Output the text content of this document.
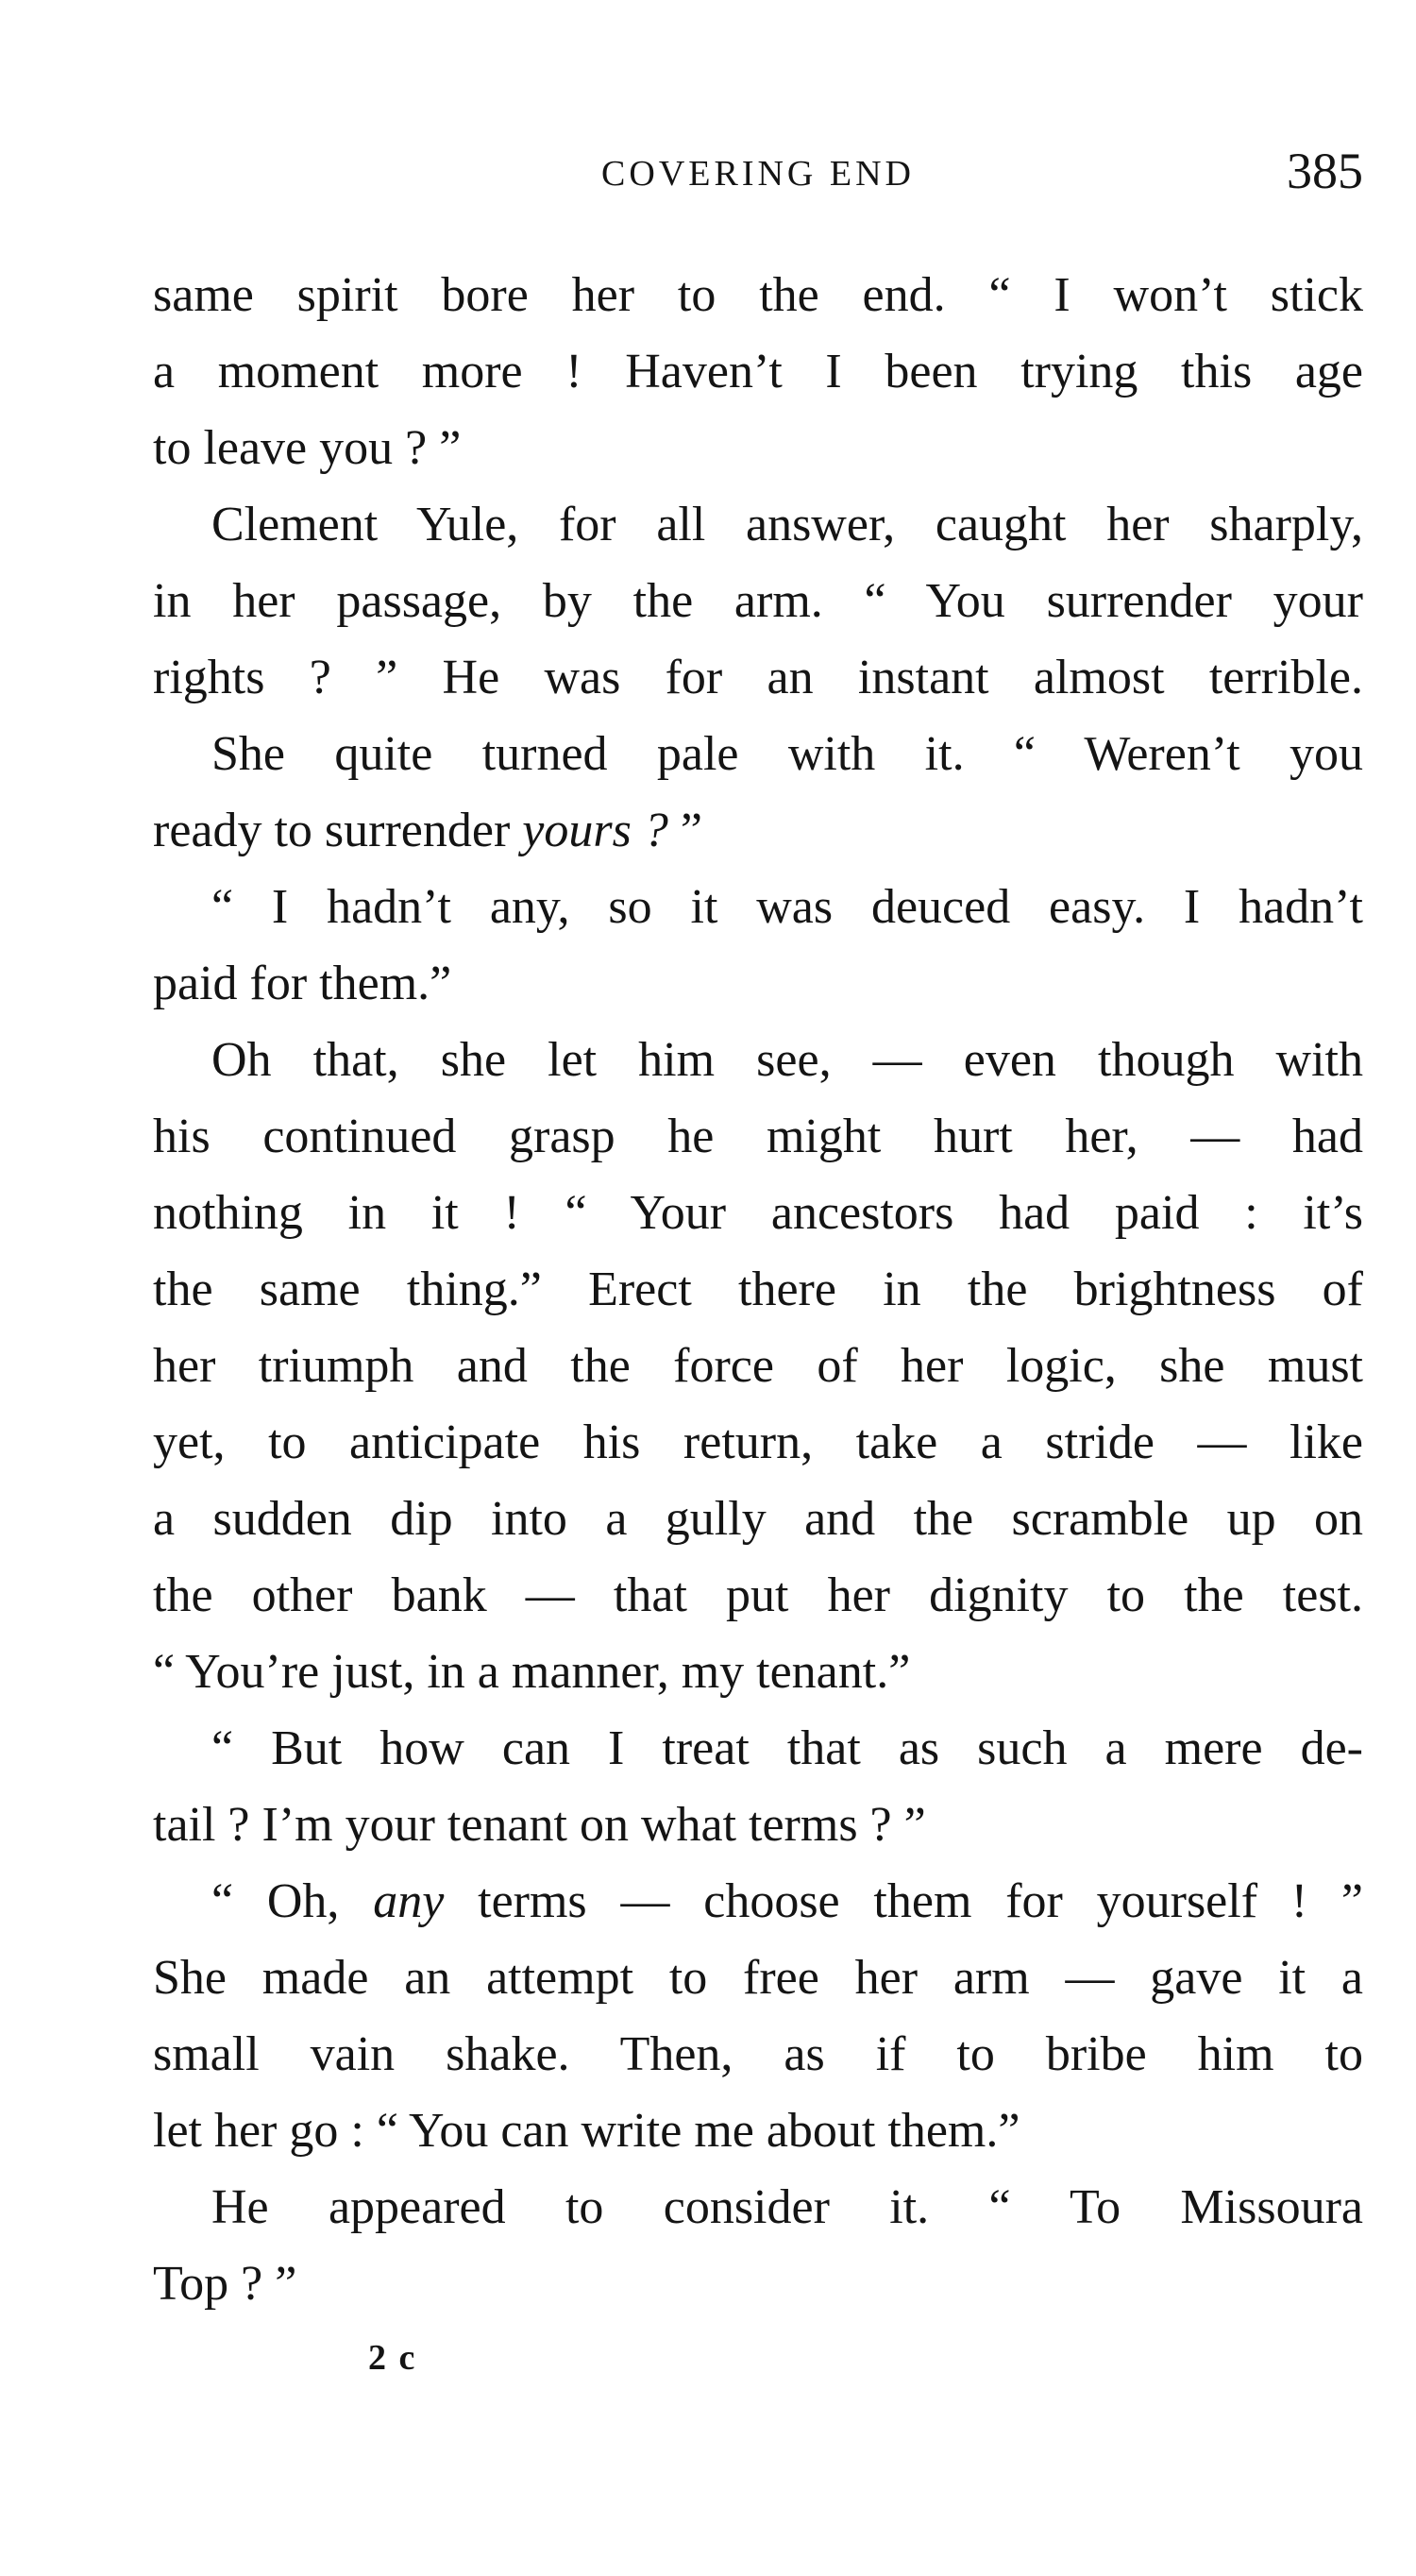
COVERING END	385
same spirit bore her to the end. “ I won’t stick
a moment more ! Haven’t I been trying this age
to leave you ? ”
Clement Yule, for all answer, caught her sharply,
in her passage, by the arm. “ You surrender your
rights ? ” He was for an instant almost terrible.
She quite turned pale with it. “ Weren’t you
ready to surrender yours ? ”
“ I hadn’t any, so it was deuced easy. I hadn’t
paid for them.”
Oh that, she let him see, — even though with
his continued grasp he might hurt her, — had
nothing in it ! “ Your ancestors had paid : it’s
the same thing.” Erect there in the brightness of
her triumph and the force of her logic, she must
yet, to anticipate his return, take a stride — like
a sudden dip into a gully and the scramble up on
the other bank — that put her dignity to the test.
“ You’re just, in a manner, my tenant.”
“ But how can I treat that as such a mere de-
tail ? I’m your tenant on what terms ? ”
“ Oh, any terms — choose them for yourself ! ”
She made an attempt to free her arm — gave it a
small vain shake. Then, as if to bribe him to
let her go : “ You can write me about them.”
He appeared to consider it. “ To Missoura
Top ? ”
2 c
